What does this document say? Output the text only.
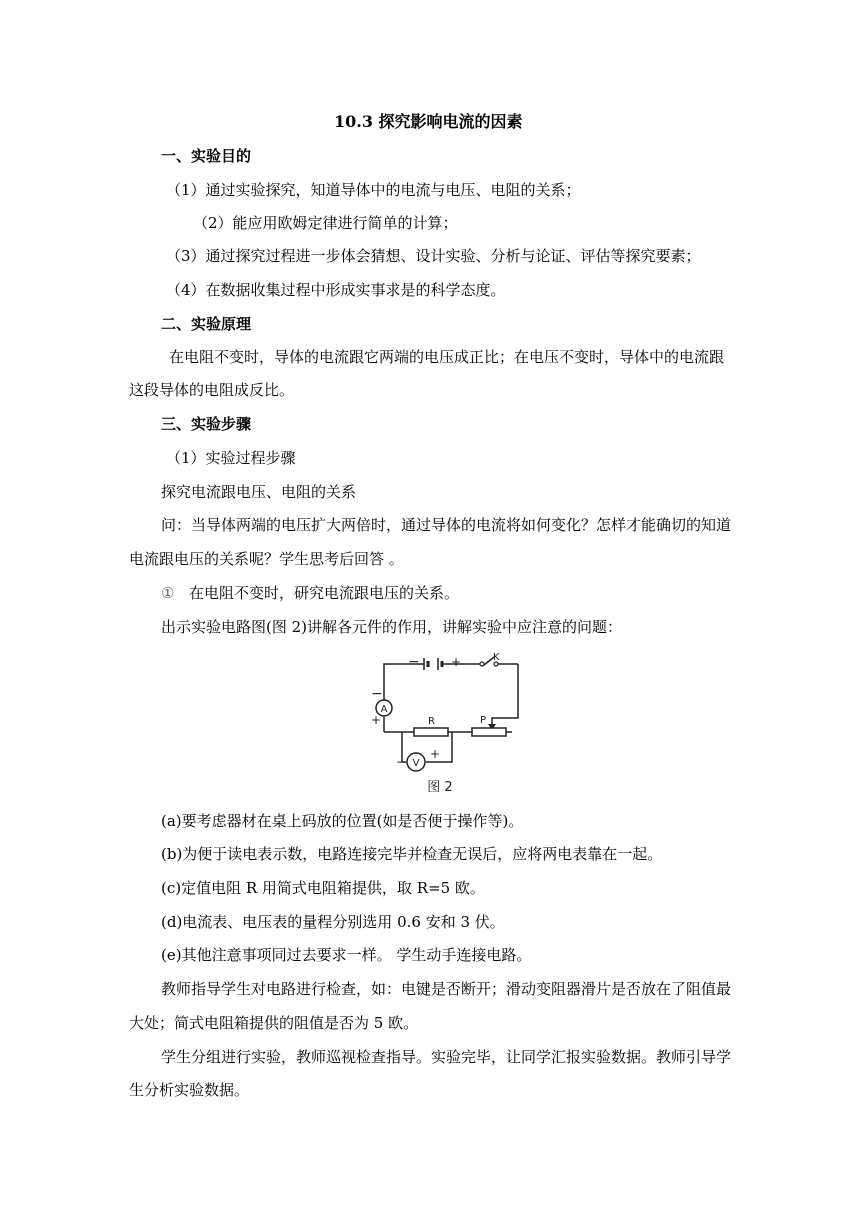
10.3 探究影响电流的因素
一、实验目的
（1）通过实验探究，知道导体中的电流与电压、电阻的关系；
（2）能应用欧姆定律进行简单的计算；
（3）通过探究过程进一步体会猜想、设计实验、分析与论证、评估等探究要素；
（4）在数据收集过程中形成实事求是的科学态度。
二、实验原理
在电阻不变时，导体的电流跟它两端的电压成正比；在电压不变时，导体中的电流跟
这段导体的电阻成反比。
三、实验步骤
（1）实验过程步骤
探究电流跟电压、电阻的关系
问：当导体两端的电压扩大两倍时，通过导体的电流将如何变化？怎样才能确切的知道
电流跟电压的关系呢？学生思考后回答 。
① 在电阻不变时，研究电流跟电压的关系。
出示实验电路图(图 2)讲解各元件的作用，讲解实验中应注意的问题：
−	+	K
A
−
+	R	P
V
−
+
图 2
(a)要考虑器材在桌上码放的位置(如是否便于操作等)。
(b)为便于读电表示数，电路连接完毕并检查无误后，应将两电表靠在一起。
(c)定值电阻 R 用简式电阻箱提供，取 R=5 欧。
(d)电流表、电压表的量程分别选用 0.6 安和 3 伏。
(e)其他注意事项同过去要求一样。 学生动手连接电路。
教师指导学生对电路进行检查，如：电键是否断开；滑动变阻器滑片是否放在了阻值最
大处；简式电阻箱提供的阻值是否为 5 欧。
学生分组进行实验，教师巡视检查指导。实验完毕，让同学汇报实验数据。教师引导学
生分析实验数据。
